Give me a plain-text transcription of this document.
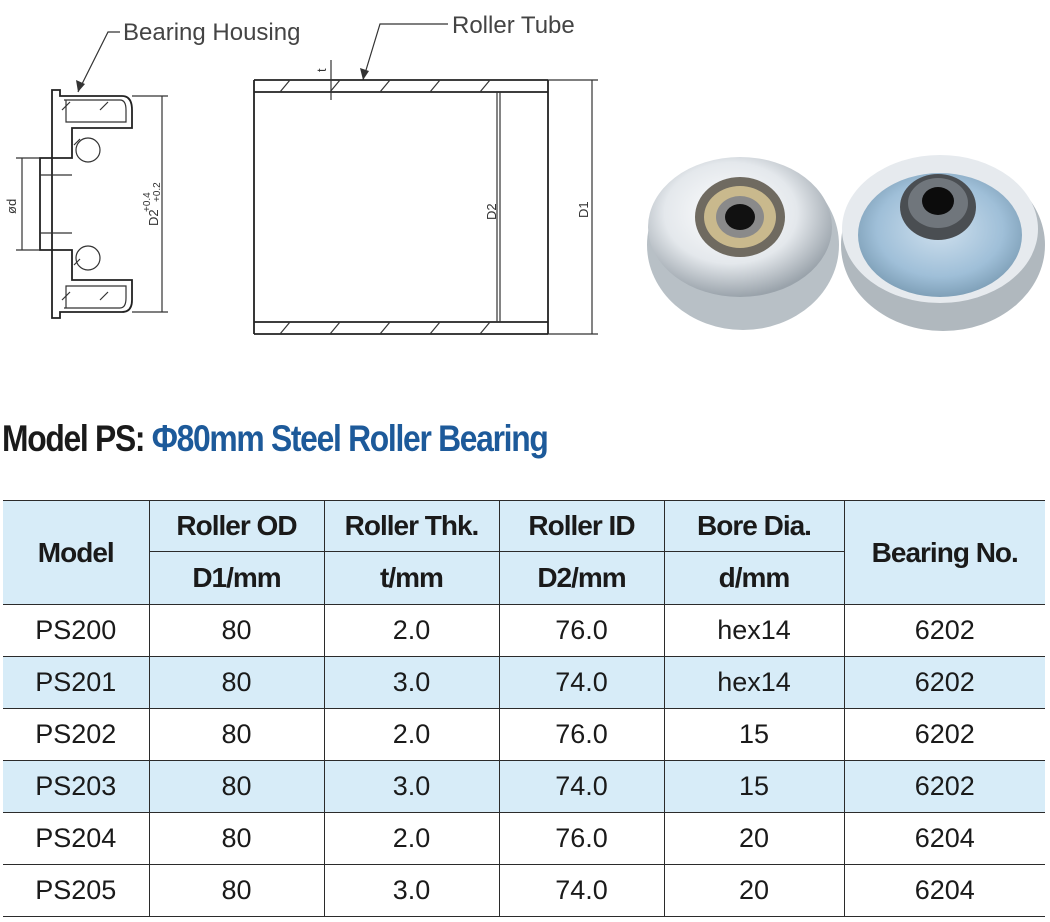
Bearing Housing	Roller Tube
ød
D2
+0.4
+0.2
t
D2	D1
Model PS: Φ80mm Steel Roller Bearing
Model	Roller OD	Roller Thk.	Roller ID	Bore Dia.	Bearing No.
	D1/mm	t/mm	D2/mm	d/mm	
PS200	80	2.0	76.0	hex14	6202
PS201	80	3.0	74.0	hex14	6202
PS202	80	2.0	76.0	15	6202
PS203	80	3.0	74.0	15	6202
PS204	80	2.0	76.0	20	6204
PS205	80	3.0	74.0	20	6204
